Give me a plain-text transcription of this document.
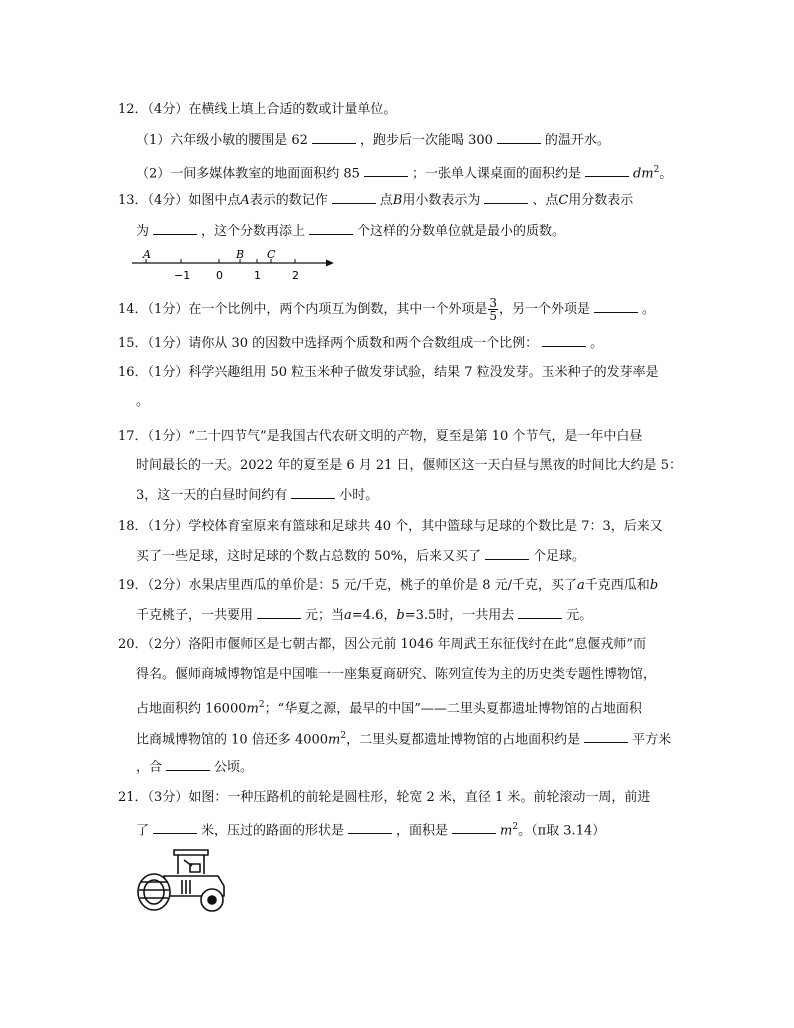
12．（4分）在横线上填上合适的数或计量单位。
（1）六年级小敏的腰围是 62	，跑步后一次能喝 300	的温开水。
（2）一间多媒体教室的地面面积约 85	；一张单人课桌面的面积约是	$dm^2$。
13．（4分）如图中点A表示的数记作	点B用小数表示为	、点C用分数表示
为	，这个分数再添上	个这样的分数单位就是最小的质数。
A	B C
−1 0	1	2
14．（1分）在一个比例中，两个内项互为倒数，其中一个外项是 $\frac{3}{5}$ ，另一个外项是	。
15．（1分）请你从 30 的因数中选择两个质数和两个合数组成一个比例：	。
16．（1分）科学兴趣组用 50 粒玉米种子做发芽试验，结果 7 粒没发芽。玉米种子的发芽率是
。
17．（1分）“二十四节气”是我国古代农研文明的产物，夏至是第 10 个节气，是一年中白昼
时间最长的一天。2022 年的夏至是 6 月 21 日，偃师区这一天白昼与黑夜的时间比大约是 5：
3，这一天的白昼时间约有	小时。
18．（1分）学校体育室原来有篮球和足球共 40 个，其中篮球与足球的个数比是 7：3，后来又
买了一些足球，这时足球的个数占总数的 50%，后来又买了	个足球。
19．（2分）水果店里西瓜的单价是：5 元/千克，桃子的单价是 8 元/千克，买了a千克西瓜和b
千克桃子，一共要用	元；当a=4.6，b=3.5时，一共用去	元。
20．（2分）洛阳市偃师区是七朝古都，因公元前 1046 年周武王东征伐纣在此“息偃戎师”而
得名。偃师商城博物馆是中国唯一一座集夏商研究、陈列宣传为主的历史类专题性博物馆，
占地面积约 $16000m^2$；“华夏之源，最早的中国”——二里头夏都遗址博物馆的占地面积
比商城博物馆的 10 倍还多 $4000m^2$，二里头夏都遗址博物馆的占地面积约是	平方米
，合	公顷。
21．（3分）如图：一种压路机的前轮是圆柱形，轮宽 2 米，直径 1 米。前轮滚动一周，前进
了	米，压过的路面的形状是	，面积是	$m^2$。（π取 3.14）
